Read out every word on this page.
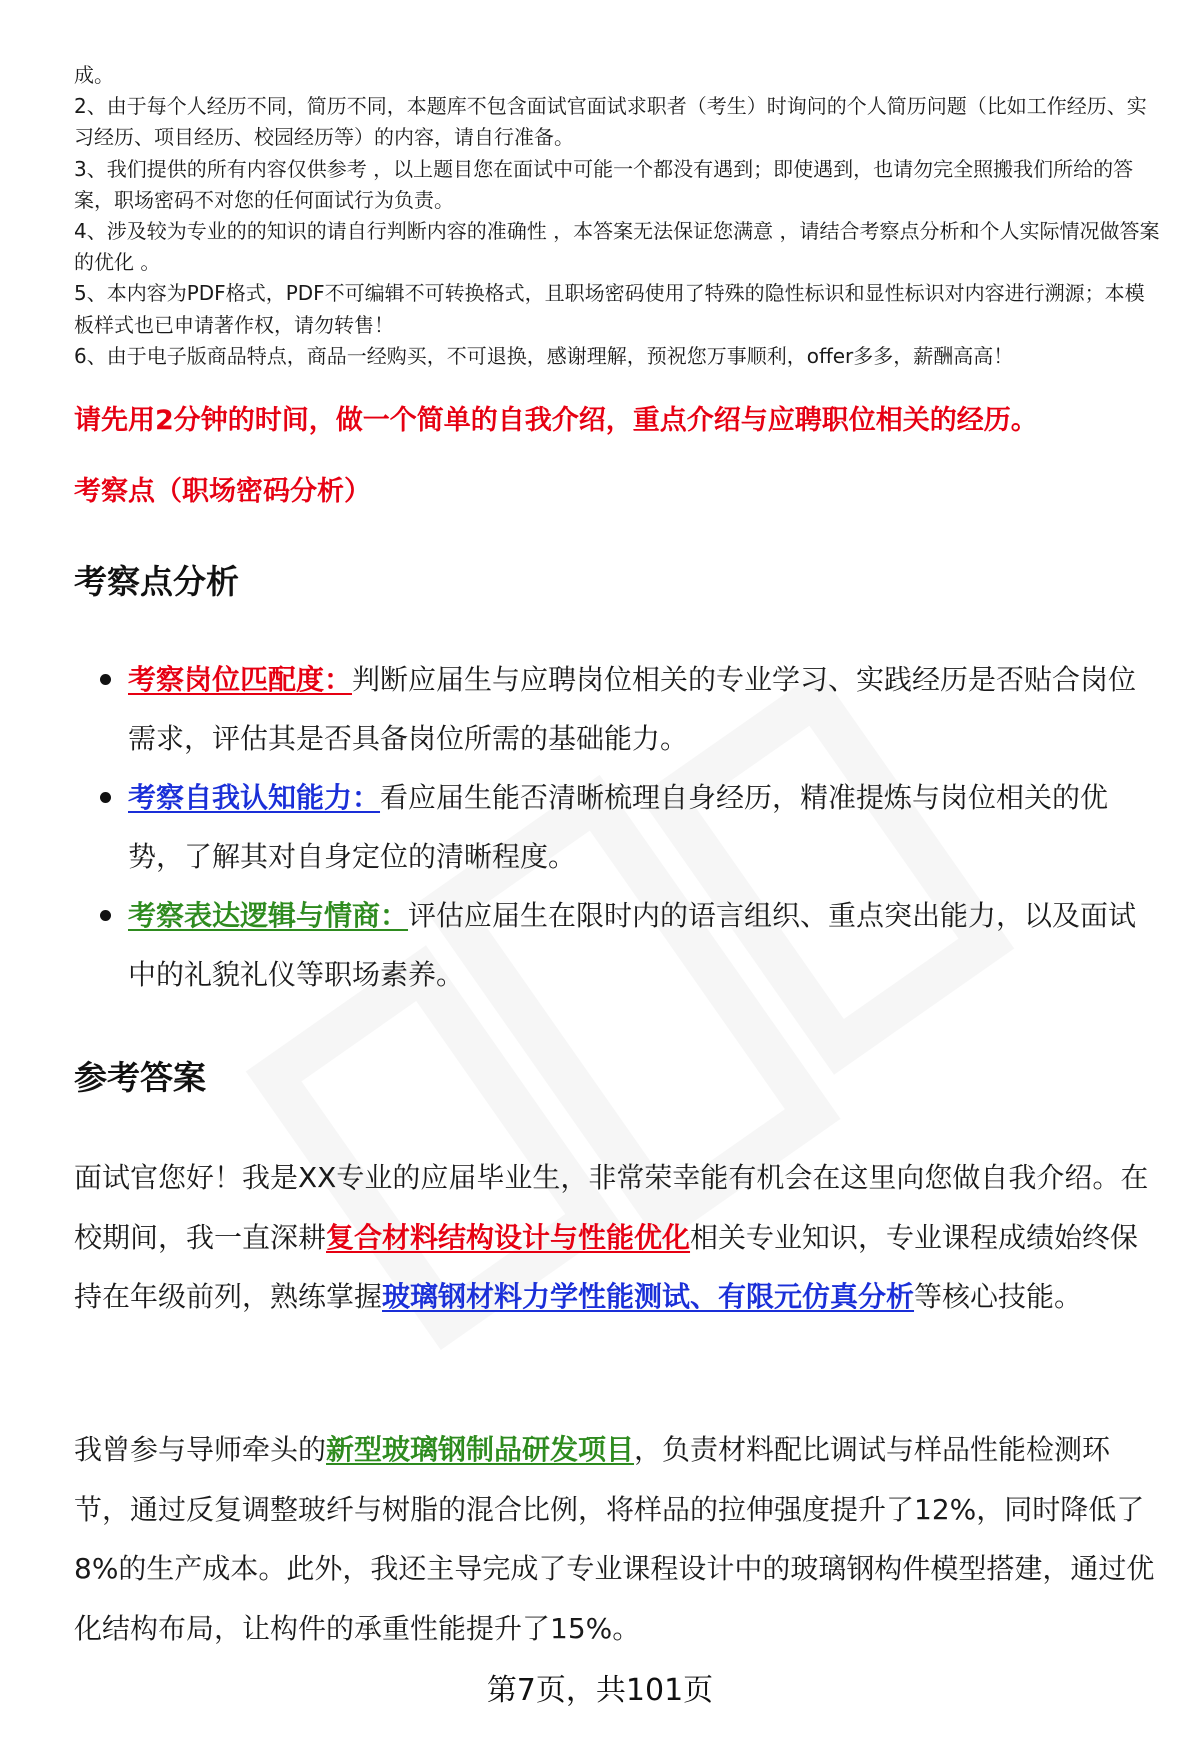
成。

2、由于每个人经历不同，简历不同，本题库不包含面试官面试求职者（考生）时询问的个人简历问题（比如工作经历、实习经历、项目经历、校园经历等）的内容，请自行准备。

3、我们提供的所有内容仅供参考 ，以上题目您在面试中可能一个都没有遇到；即使遇到，也请勿完全照搬我们所给的答案，职场密码不对您的任何面试行为负责。

4、涉及较为专业的的知识的请自行判断内容的准确性 ，本答案无法保证您满意 ，请结合考察点分析和个人实际情况做答案的优化 。

5、本内容为PDF格式，PDF不可编辑不可转换格式，且职场密码使用了特殊的隐性标识和显性标识对内容进行溯源；本模板样式也已申请著作权，请勿转售！

6、由于电子版商品特点，商品一经购买，不可退换，感谢理解，预祝您万事顺利，offer多多，薪酬高高！

请先用2分钟的时间，做一个简单的自我介绍，重点介绍与应聘职位相关的经历。
考察点（职场密码分析）
考察点分析
考察岗位匹配度：判断应届生与应聘岗位相关的专业学习、实践经历是否贴合岗位需求，评估其是否具备岗位所需的基础能力。
考察自我认知能力：看应届生能否清晰梳理自身经历，精准提炼与岗位相关的优势，了解其对自身定位的清晰程度。
考察表达逻辑与情商：评估应届生在限时内的语言组织、重点突出能力，以及面试中的礼貌礼仪等职场素养。
参考答案

面试官您好！我是XX专业的应届毕业生，非常荣幸能有机会在这里向您做自我介绍。在校期间，我一直深耕复合材料结构设计与性能优化相关专业知识，专业课程成绩始终保持在年级前列，熟练掌握玻璃钢材料力学性能测试、有限元仿真分析等核心技能。

我曾参与导师牵头的新型玻璃钢制品研发项目，负责材料配比调试与样品性能检测环节，通过反复调整玻纤与树脂的混合比例，将样品的拉伸强度提升了12%，同时降低了8%的生产成本。此外，我还主导完成了专业课程设计中的玻璃钢构件模型搭建，通过优化结构布局，让构件的承重性能提升了15%。

第7页，共101页
